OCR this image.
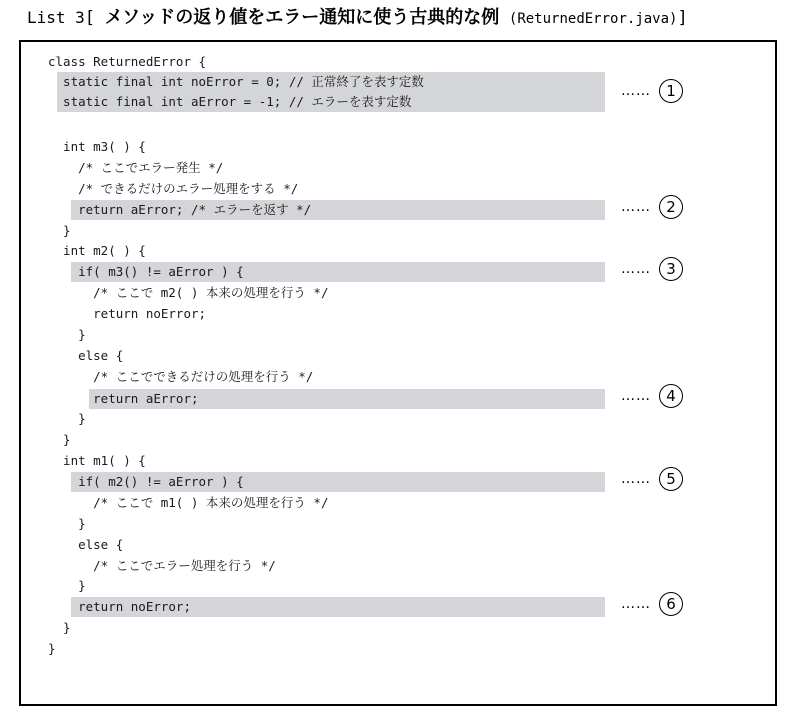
List 3[ メソッドの返り値をエラー通知に使う古典的な例 (ReturnedError.java)]
class ReturnedError {
static final int noError = 0; // 正常終了を表す定数
static final int aError = -1; // エラーを表す定数
int m3( ) {
/* ここでエラー発生 */
/* できるだけのエラー処理をする */
return aError; /* エラーを返す */
}
int m2( ) {
if( m3() != aError ) {
/* ここで m2( ) 本来の処理を行う */
return noError;
}
else {
/* ここでできるだけの処理を行う */
return aError;
}
}
int m1( ) {
if( m2() != aError ) {
/* ここで m1( ) 本来の処理を行う */
}
else {
/* ここでエラー処理を行う */
}
return noError;
}
}
…… 1
…… 2
…… 3
…… 4
…… 5
…… 6
